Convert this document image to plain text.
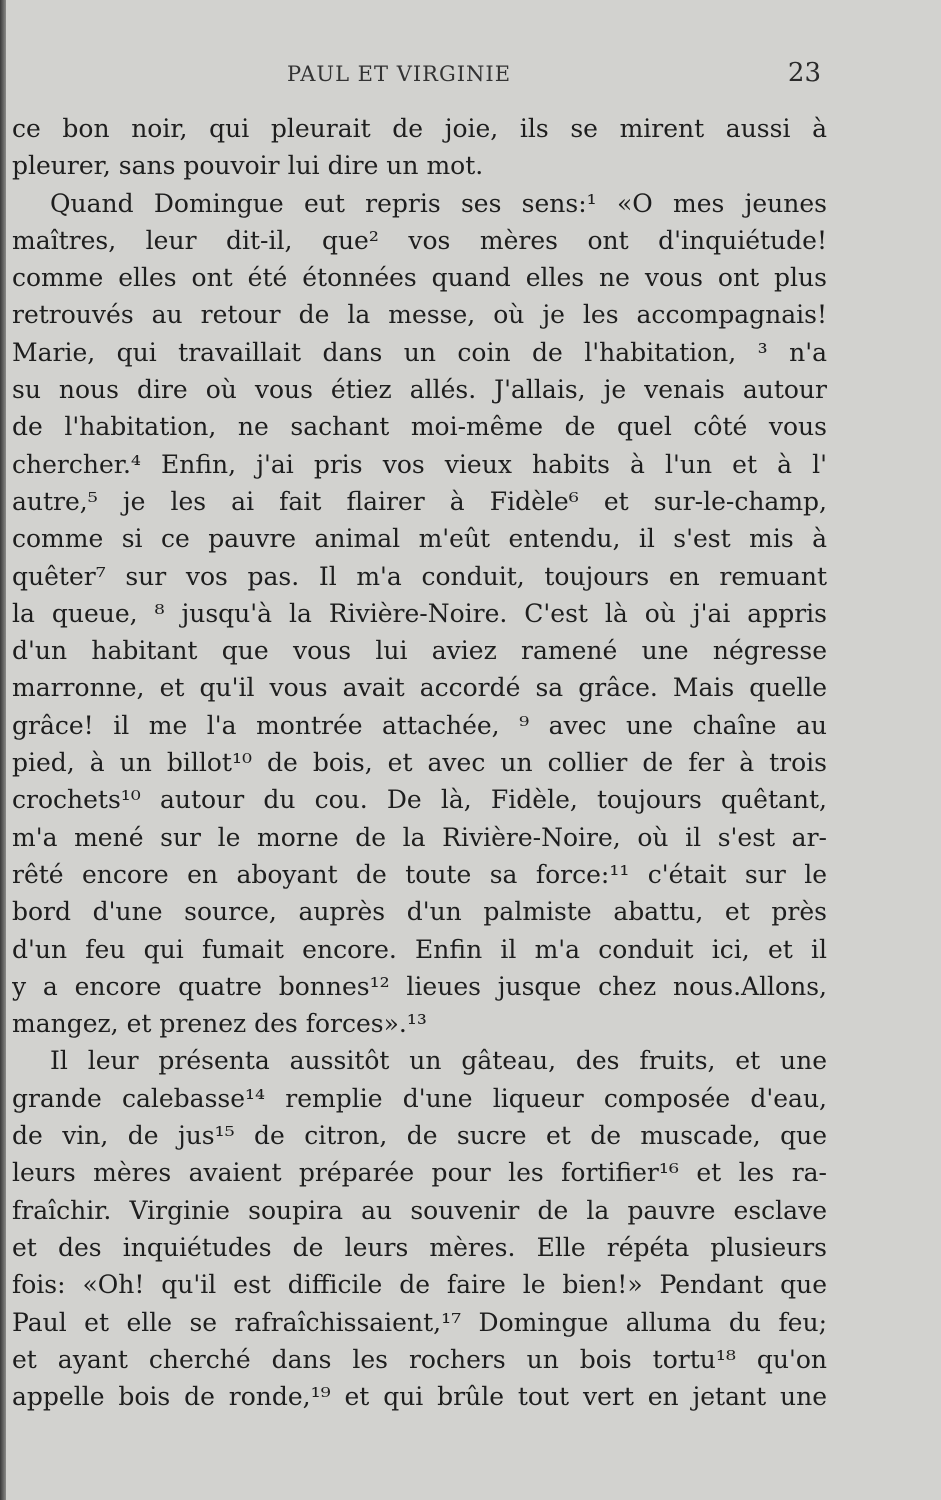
PAUL ET VIRGINIE	23
ce bon noir, qui pleurait de joie, ils se mirent aussi à
pleurer, sans pouvoir lui dire un mot.
Quand Domingue eut repris ses sens:¹ «O mes jeunes
maîtres, leur dit-il, que² vos mères ont d'inquiétude!
comme elles ont été étonnées quand elles ne vous ont plus
retrouvés au retour de la messe, où je les accompagnais!
Marie, qui travaillait dans un coin de l'habitation, ³ n'a
su nous dire où vous étiez allés. J'allais, je venais autour
de l'habitation, ne sachant moi-même de quel côté vous
chercher.⁴ Enfin, j'ai pris vos vieux habits à l'un et à l'
autre,⁵ je les ai fait flairer à Fidèle⁶ et sur-le-champ,
comme si ce pauvre animal m'eût entendu, il s'est mis à
quêter⁷ sur vos pas. Il m'a conduit, toujours en remuant
la queue, ⁸ jusqu'à la Rivière-Noire. C'est là où j'ai appris
d'un habitant que vous lui aviez ramené une négresse
marronne, et qu'il vous avait accordé sa grâce. Mais quelle
grâce! il me l'a montrée attachée, ⁹ avec une chaîne au
pied, à un billot¹⁰ de bois, et avec un collier de fer à trois
crochets¹⁰ autour du cou. De là, Fidèle, toujours quêtant,
m'a mené sur le morne de la Rivière-Noire, où il s'est ar-
rêté encore en aboyant de toute sa force:¹¹ c'était sur le
bord d'une source, auprès d'un palmiste abattu, et près
d'un feu qui fumait encore. Enfin il m'a conduit ici, et il
y a encore quatre bonnes¹² lieues jusque chez nous.Allons,
mangez, et prenez des forces».¹³
Il leur présenta aussitôt un gâteau, des fruits, et une
grande calebasse¹⁴ remplie d'une liqueur composée d'eau,
de vin, de jus¹⁵ de citron, de sucre et de muscade, que
leurs mères avaient préparée pour les fortifier¹⁶ et les ra-
fraîchir. Virginie soupira au souvenir de la pauvre esclave
et des inquiétudes de leurs mères. Elle répéta plusieurs
fois: «Oh! qu'il est difficile de faire le bien!» Pendant que
Paul et elle se rafraîchissaient,¹⁷ Domingue alluma du feu;
et ayant cherché dans les rochers un bois tortu¹⁸ qu'on
appelle bois de ronde,¹⁹ et qui brûle tout vert en jetant une
